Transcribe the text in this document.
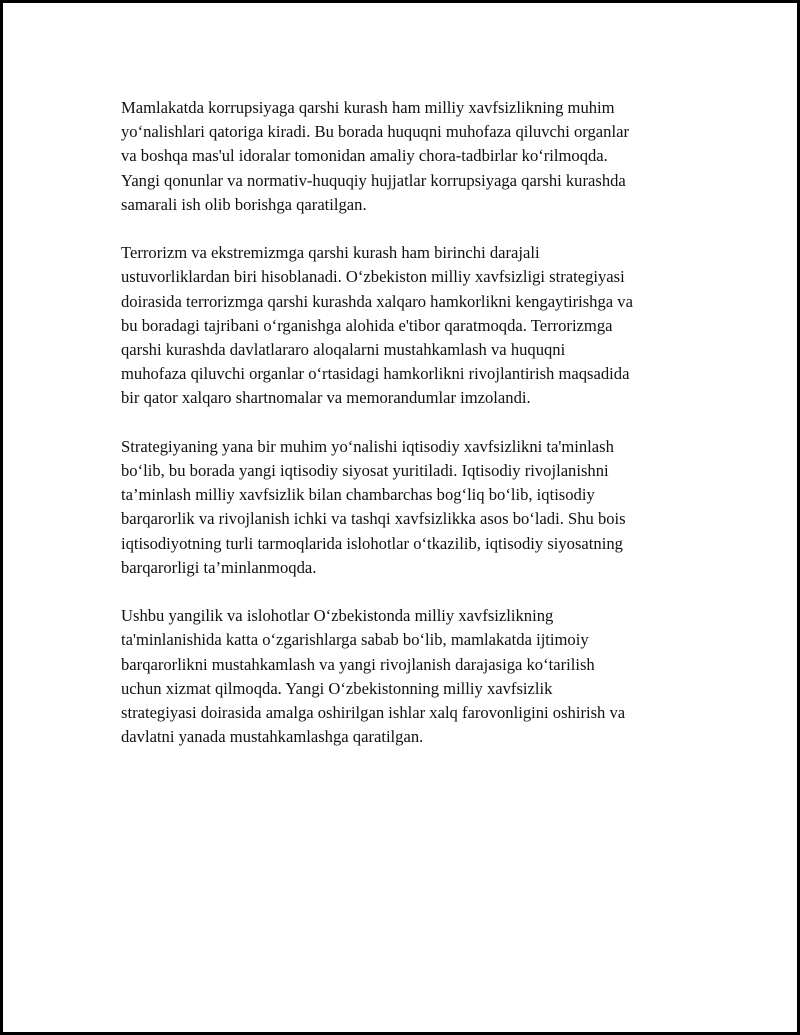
Mamlakatda korrupsiyaga qarshi kurash ham milliy xavfsizlikning muhim
yo‘nalishlari qatoriga kiradi. Bu borada huquqni muhofaza qiluvchi organlar
va boshqa mas'ul idoralar tomonidan amaliy chora-tadbirlar ko‘rilmoqda.
Yangi qonunlar va normativ-huquqiy hujjatlar korrupsiyaga qarshi kurashda
samarali ish olib borishga qaratilgan.

Terrorizm va ekstremizmga qarshi kurash ham birinchi darajali
ustuvorliklardan biri hisoblanadi. O‘zbekiston milliy xavfsizligi strategiyasi
doirasida terrorizmga qarshi kurashda xalqaro hamkorlikni kengaytirishga va
bu boradagi tajribani o‘rganishga alohida e'tibor qaratmoqda. Terrorizmga
qarshi kurashda davlatlararo aloqalarni mustahkamlash va huquqni
muhofaza qiluvchi organlar o‘rtasidagi hamkorlikni rivojlantirish maqsadida
bir qator xalqaro shartnomalar va memorandumlar imzolandi.

Strategiyaning yana bir muhim yo‘nalishi iqtisodiy xavfsizlikni ta'minlash
bo‘lib, bu borada yangi iqtisodiy siyosat yuritiladi. Iqtisodiy rivojlanishni
ta’minlash milliy xavfsizlik bilan chambarchas bog‘liq bo‘lib, iqtisodiy
barqarorlik va rivojlanish ichki va tashqi xavfsizlikka asos bo‘ladi. Shu bois
iqtisodiyotning turli tarmoqlarida islohotlar o‘tkazilib, iqtisodiy siyosatning
barqarorligi ta’minlanmoqda.

Ushbu yangilik va islohotlar O‘zbekistonda milliy xavfsizlikning
ta'minlanishida katta o‘zgarishlarga sabab bo‘lib, mamlakatda ijtimoiy
barqarorlikni mustahkamlash va yangi rivojlanish darajasiga ko‘tarilish
uchun xizmat qilmoqda. Yangi O‘zbekistonning milliy xavfsizlik
strategiyasi doirasida amalga oshirilgan ishlar xalq farovonligini oshirish va
davlatni yanada mustahkamlashga qaratilgan.
